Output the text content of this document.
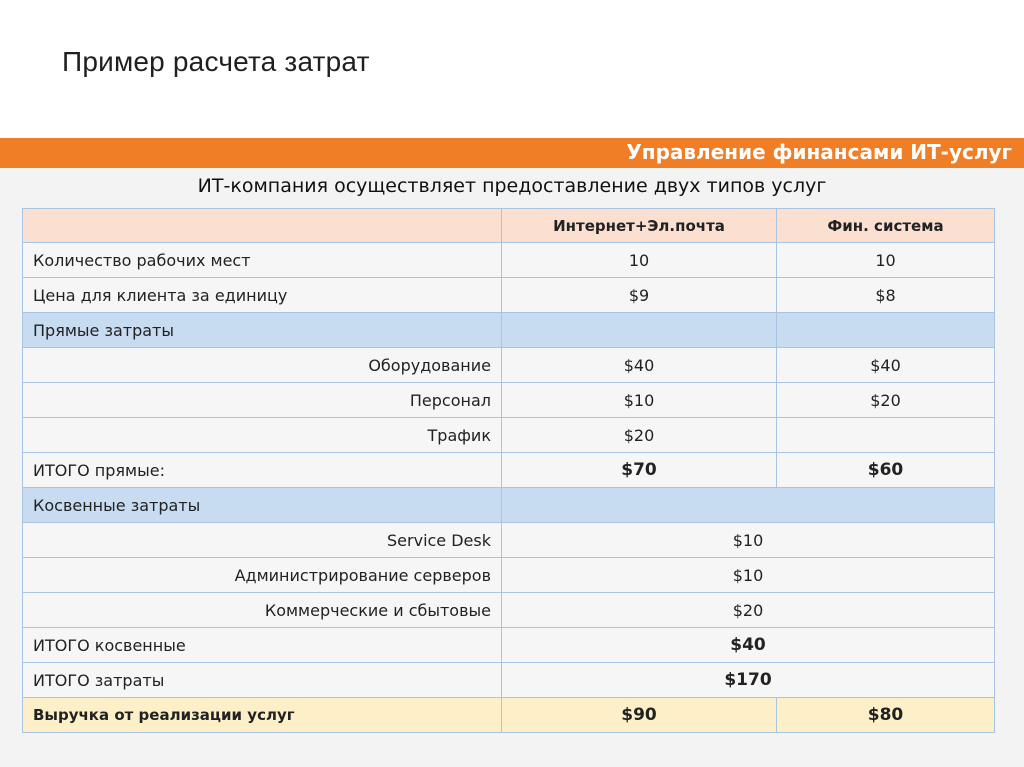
Пример расчета затрат
Управление финансами ИТ-услуг
ИТ-компания осуществляет предоставление двух типов услуг
	Интернет+Эл.почта	Фин. система
Количество рабочих мест	10	10
Цена для клиента за единицу	$9	$8
Прямые затраты		
Оборудование	$40	$40
Персонал	$10	$20
Трафик	$20	
ИТОГО прямые:	$70	$60
Косвенные затраты		
Service Desk	$10	
Администрирование серверов	$10	
Коммерческие и сбытовые	$20	
ИТОГО косвенные	$40	
ИТОГО затраты	$170	
Выручка от реализации услуг	$90	$80
